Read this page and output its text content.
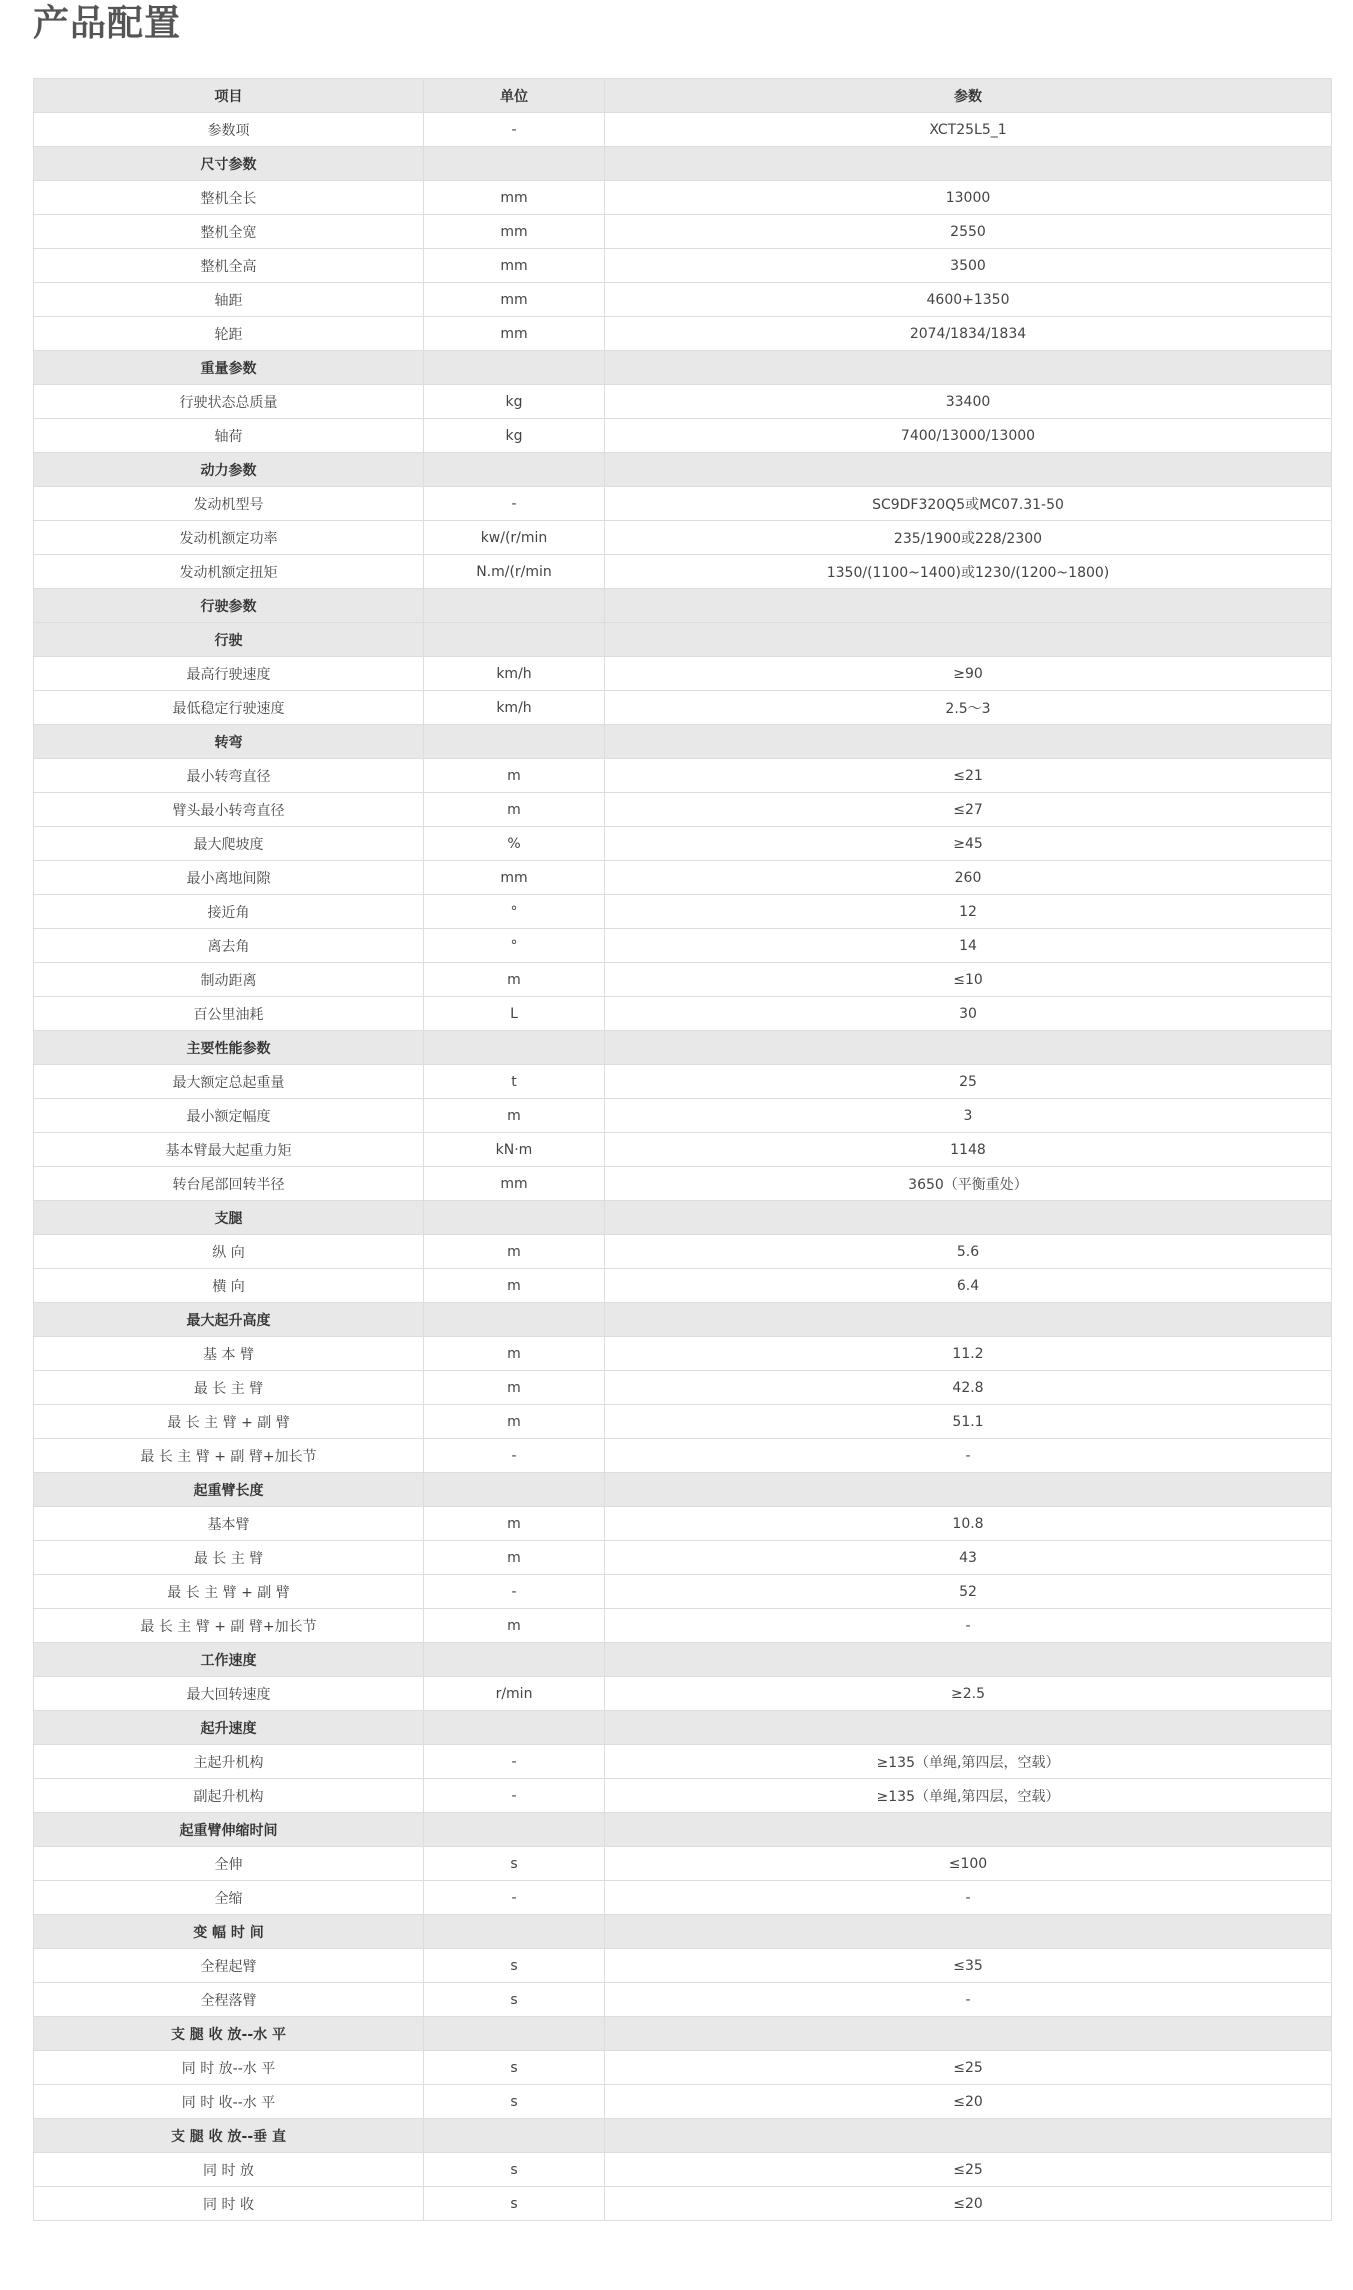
产品配置
项目	单位	参数
参数项	-	XCT25L5_1
尺寸参数		
整机全长	mm	13000
整机全宽	mm	2550
整机全高	mm	3500
轴距	mm	4600+1350
轮距	mm	2074/1834/1834
重量参数		
行驶状态总质量	kg	33400
轴荷	kg	7400/13000/13000
动力参数		
发动机型号	-	SC9DF320Q5或MC07.31-50
发动机额定功率	kw/(r/min	235/1900或228/2300
发动机额定扭矩	N.m/(r/min	1350/(1100~1400)或1230/(1200~1800)
行驶参数		
行驶		
最高行驶速度	km/h	≥90
最低稳定行驶速度	km/h	2.5～3
转弯		
最小转弯直径	m	≤21
臂头最小转弯直径	m	≤27
最大爬坡度	%	≥45
最小离地间隙	mm	260
接近角	°	12
离去角	°	14
制动距离	m	≤10
百公里油耗	L	30
主要性能参数		
最大额定总起重量	t	25
最小额定幅度	m	3
基本臂最大起重力矩	kN·m	1148
转台尾部回转半径	mm	3650（平衡重处）
支腿		
纵 向	m	5.6
横 向	m	6.4
最大起升高度		
基 本 臂	m	11.2
最 长 主 臂	m	42.8
最 长 主 臂 + 副 臂	m	51.1
最 长 主 臂 + 副 臂+加长节	-	-
起重臂长度		
基本臂	m	10.8
最 长 主 臂	m	43
最 长 主 臂 + 副 臂	-	52
最 长 主 臂 + 副 臂+加长节	m	-
工作速度		
最大回转速度	r/min	≥2.5
起升速度		
主起升机构	-	≥135（单绳,第四层，空载）
副起升机构	-	≥135（单绳,第四层，空载）
起重臂伸缩时间		
全伸	s	≤100
全缩	-	-
变 幅 时 间		
全程起臂	s	≤35
全程落臂	s	-
支 腿 收 放--水 平		
同 时 放--水 平	s	≤25
同 时 收--水 平	s	≤20
支 腿 收 放--垂 直		
同 时 放	s	≤25
同 时 收	s	≤20
